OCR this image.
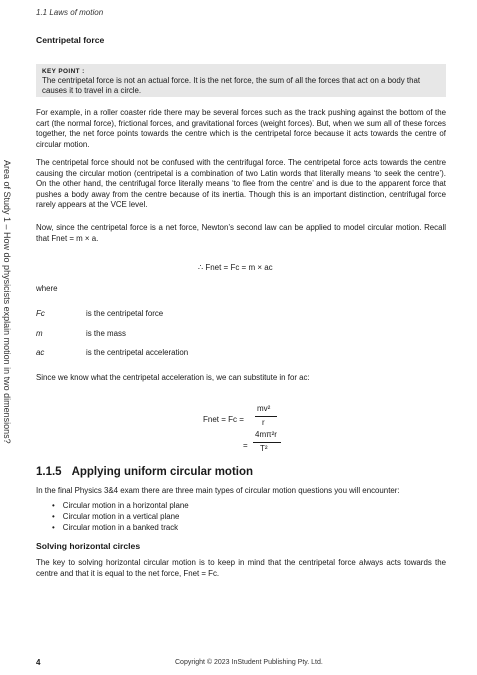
1.1 Laws of motion
Centripetal force
KEY POINT :
The centripetal force is not an actual force. It is the net force, the sum of all the forces that act on a body that causes it to travel in a circle.
Area of Study 1 – How do physicists explain motion in two dimensions?
For example, in a roller coaster ride there may be several forces such as the track pushing against the bottom of the cart (the normal force), frictional forces, and gravitational forces (weight forces). But, when we sum all of these forces together, the net force points towards the centre which is the centripetal force because it acts towards the centre of circular motion.
The centripetal force should not be confused with the centrifugal force. The centripetal force acts towards the centre causing the circular motion (centripetal is a combination of two Latin words that literally means ‘to seek the centre’). On the other hand, the centrifugal force literally means ‘to flee from the centre’ and is due to the apparent force that pushes a body away from the centre because of its inertia. Though this is an important distinction, centrifugal force rarely appears at the VCE level.
Now, since the centripetal force is a net force, Newton’s second law can be applied to model circular motion. Recall that Fnet = m × a.
∴ Fnet = Fc = m × ac
where
Fc	is the centripetal force
m	is the mass
ac	is the centripetal acceleration
Since we know what the centripetal acceleration is, we can substitute in for ac:
Fnet = Fc =
mv²
r
=
4mπ²r
T²
1.1.5 Applying uniform circular motion
In the final Physics 3&4 exam there are three main types of circular motion questions you will encounter:
• Circular motion in a horizontal plane
• Circular motion in a vertical plane
• Circular motion in a banked track
Solving horizontal circles
The key to solving horizontal circular motion is to keep in mind that the centripetal force always acts towards the centre and that it is equal to the net force, Fnet = Fc.
4	Copyright © 2023 InStudent Publishing Pty. Ltd.
